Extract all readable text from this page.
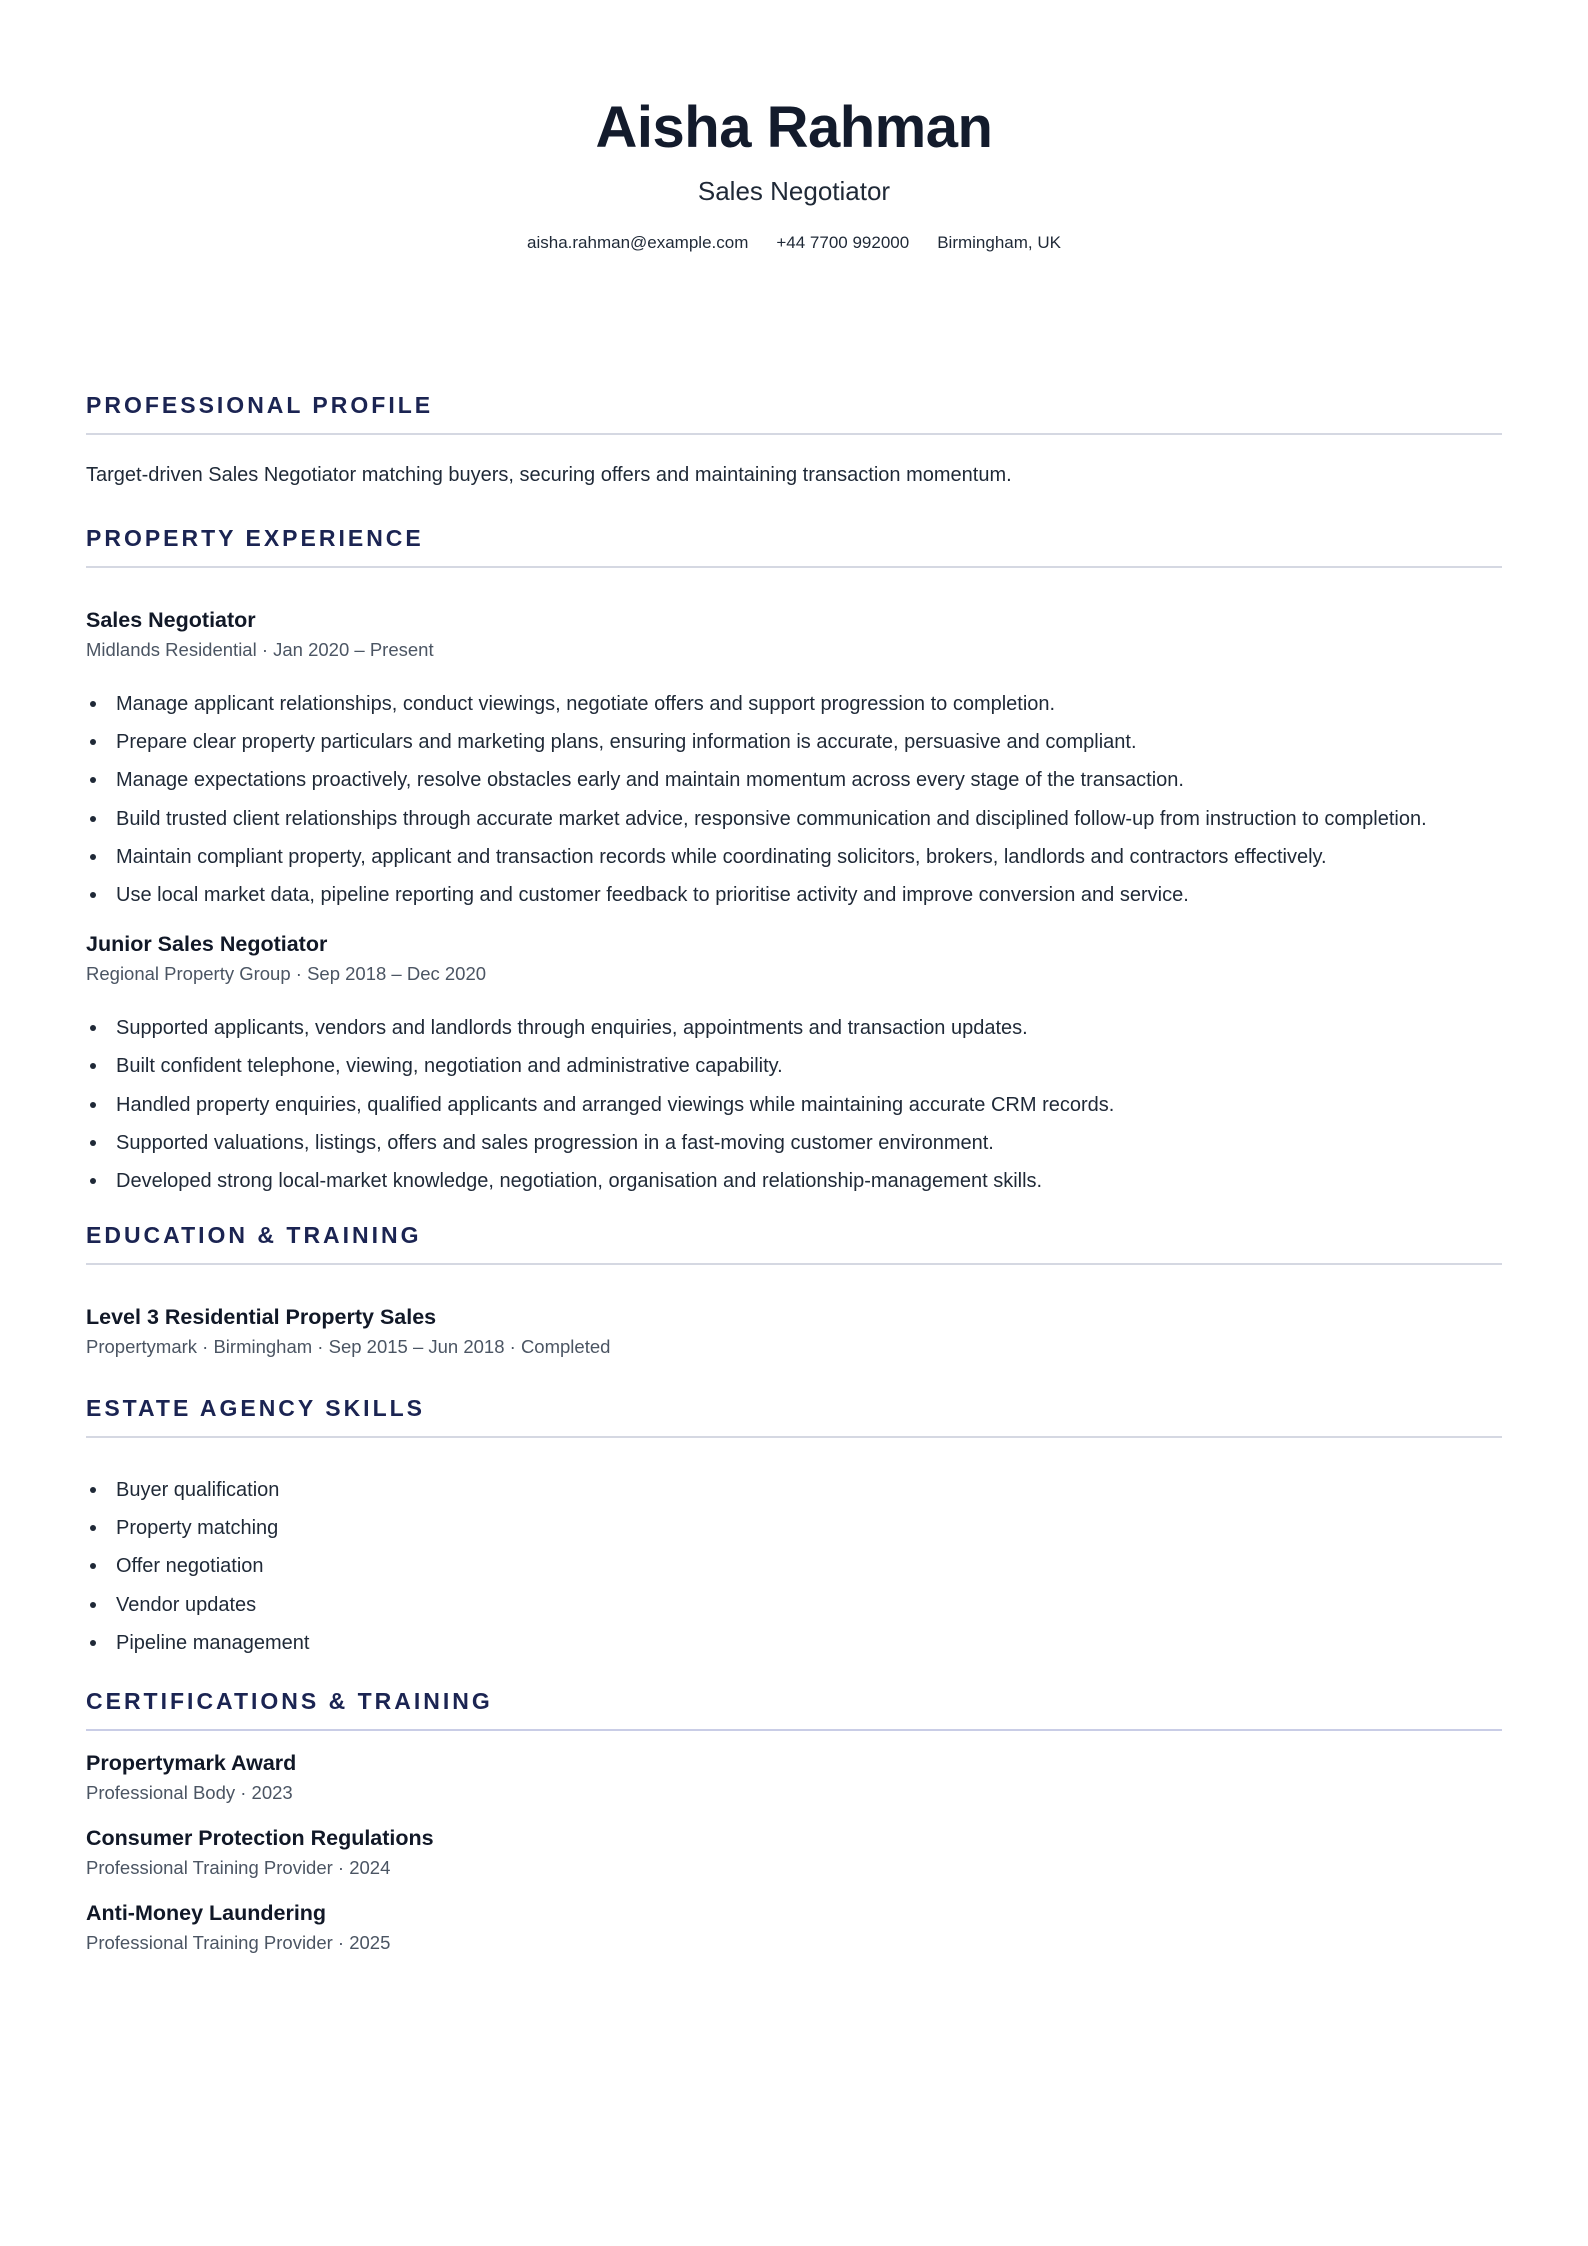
Aisha Rahman
Sales Negotiator
aisha.rahman@example.com +44 7700 992000 Birmingham, UK
PROFESSIONAL PROFILE
Target-driven Sales Negotiator matching buyers, securing offers and maintaining transaction momentum.
PROPERTY EXPERIENCE
Sales Negotiator
Midlands Residential · Jan 2020 – Present
Manage applicant relationships, conduct viewings, negotiate offers and support progression to completion.
Prepare clear property particulars and marketing plans, ensuring information is accurate, persuasive and compliant.
Manage expectations proactively, resolve obstacles early and maintain momentum across every stage of the transaction.
Build trusted client relationships through accurate market advice, responsive communication and disciplined follow-up from instruction to completion.
Maintain compliant property, applicant and transaction records while coordinating solicitors, brokers, landlords and contractors effectively.
Use local market data, pipeline reporting and customer feedback to prioritise activity and improve conversion and service.
Junior Sales Negotiator
Regional Property Group · Sep 2018 – Dec 2020
Supported applicants, vendors and landlords through enquiries, appointments and transaction updates.
Built confident telephone, viewing, negotiation and administrative capability.
Handled property enquiries, qualified applicants and arranged viewings while maintaining accurate CRM records.
Supported valuations, listings, offers and sales progression in a fast-moving customer environment.
Developed strong local-market knowledge, negotiation, organisation and relationship-management skills.
EDUCATION & TRAINING
Level 3 Residential Property Sales
Propertymark · Birmingham · Sep 2015 – Jun 2018 · Completed
ESTATE AGENCY SKILLS
Buyer qualification
Property matching
Offer negotiation
Vendor updates
Pipeline management
CERTIFICATIONS & TRAINING
Propertymark Award
Professional Body · 2023
Consumer Protection Regulations
Professional Training Provider · 2024
Anti-Money Laundering
Professional Training Provider · 2025
